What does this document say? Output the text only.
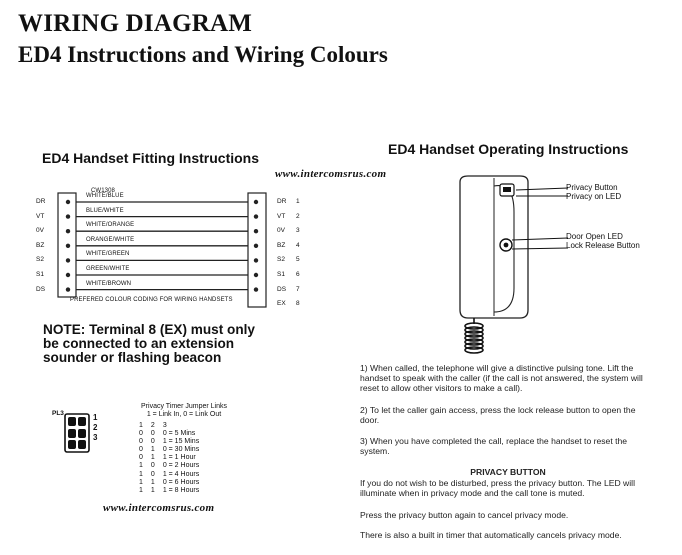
WIRING DIAGRAM
ED4 Instructions and Wiring Colours
ED4 Handset Fitting Instructions
www.intercomsrus.com
CW1308
DR
VT
0V
BZ
S2
S1
DS
DR 1
VT 2
0V 3
BZ 4
S2 5
S1 6
DS 7
EX 8
WHITE/BLUE
BLUE/WHITE
WHITE/ORANGE
ORANGE/WHITE
WHITE/GREEN
GREEN/WHITE
WHITE/BROWN
PREFERED COLOUR CODING FOR WIRING HANDSETS
NOTE: Terminal 8 (EX) must only
be connected to an extension
sounder or flashing beacon
PL3	1
2
3
Privacy Timer Jumper Links
1 = Link In, 0 = Link Out
1	2	3
0	0	0 = 5 Mins
0	0	1 = 15 Mins
0	1	0 = 30 Mins
0	1	1 = 1 Hour
1	0	0 = 2 Hours
1	0	1 = 4 Hours
1	1	0 = 6 Hours
1	1	1 = 8 Hours
www.intercomsrus.com
ED4 Handset Operating Instructions
Privacy Button
Privacy on LED
Door Open LED
Lock Release Button
1) When called, the telephone will give a distinctive pulsing tone. Lift the handset to speak with the caller (if the call is not answered, the system will reset to allow other visitors to make a call).
2) To let the caller gain access, press the lock release button to open the door.
3) When you have completed the call, replace the handset to reset the system.
PRIVACY BUTTON
If you do not wish to be disturbed, press the privacy button. The LED will illuminate when in privacy mode and the call tone is muted.
Press the privacy button again to cancel privacy mode.
There is also a built in timer that automatically cancels privacy mode.
